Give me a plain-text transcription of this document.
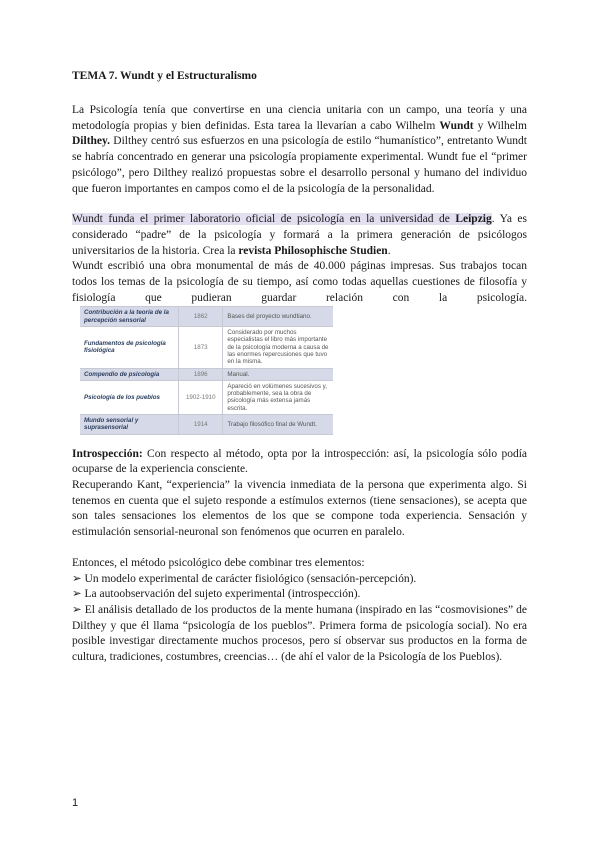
TEMA 7. Wundt y el Estructuralismo

La Psicología tenía que convertirse en una ciencia unitaria con un campo, una teoría y una metodología propias y bien definidas. Esta tarea la llevarían a cabo Wilhelm Wundt y Wilhelm Dilthey. Dilthey centró sus esfuerzos en una psicología de estilo “humanístico”, entretanto Wundt se habría concentrado en generar una psicología propiamente experimental. Wundt fue el “primer psicólogo”, pero Dilthey realizó propuestas sobre el desarrollo personal y humano del individuo que fueron importantes en campos como el de la psicología de la personalidad.

Wundt funda el primer laboratorio oficial de psicología en la universidad de Leipzig. Ya es considerado “padre” de la psicología y formará a la primera generación de psicólogos universitarios de la historia. Crea la revista Philosophische Studien.

Wundt escribió una obra monumental de más de 40.000 páginas impresas. Sus trabajos tocan todos los temas de la psicología de su tiempo, así como todas aquellas cuestiones de filosofía y fisiología que pudieran guardar relación con la psicología.

Contribución a la teoría de la percepción sensorial	1862	Bases del proyecto wundtiano.
Fundamentos de psicología fisiológica	1873	Considerado por muchos especialistas el libro más importante de la psicología moderna a causa de las enormes repercusiones que tuvo en la misma.
Compendio de psicología	1896	Manual.
Psicología de los pueblos	1902-1910	Apareció en volúmenes sucesivos y, probablemente, sea la obra de psicología más extensa jamás escrita.
Mundo sensorial y suprasensorial	1914	Trabajo filosófico final de Wundt.

Introspección: Con respecto al método, opta por la introspección: así, la psicología sólo podía ocuparse de la experiencia consciente.

Recuperando Kant, “experiencia” la vivencia inmediata de la persona que experimenta algo. Si tenemos en cuenta que el sujeto responde a estímulos externos (tiene sensaciones), se acepta que son tales sensaciones los elementos de los que se compone toda experiencia. Sensación y estimulación sensorial-neuronal son fenómenos que ocurren en paralelo.

Entonces, el método psicológico debe combinar tres elementos:

➢ Un modelo experimental de carácter fisiológico (sensación-percepción).

➢ La autoobservación del sujeto experimental (introspección).

➢ El análisis detallado de los productos de la mente humana (inspirado en las “cosmovisiones” de Dilthey y que él llama “psicología de los pueblos”. Primera forma de psicología social). No era posible investigar directamente muchos procesos, pero sí observar sus productos en la forma de cultura, tradiciones, costumbres, creencias… (de ahí el valor de la Psicología de los Pueblos).

1
